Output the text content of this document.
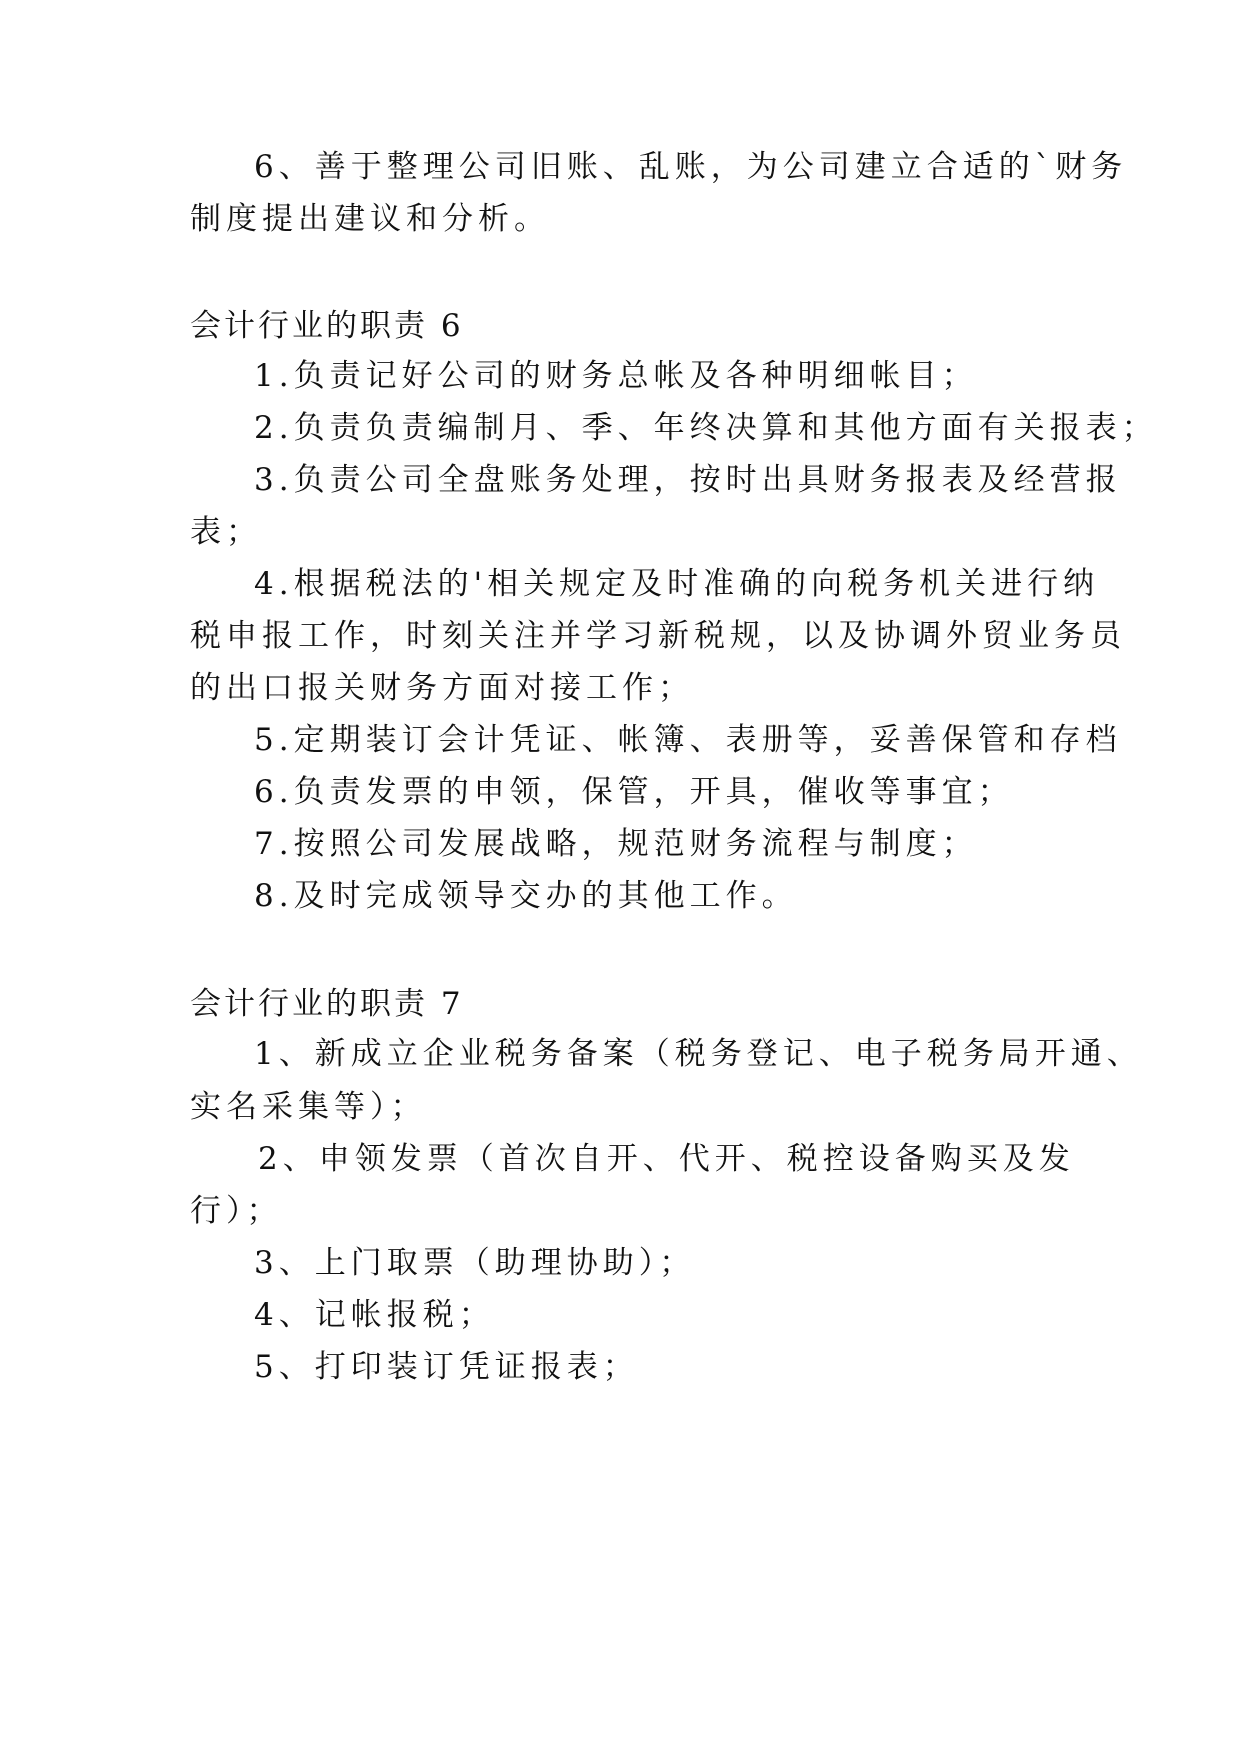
6、善于整理公司旧账、乱账，为公司建立合适的`财务
制度提出建议和分析。
会计行业的职责 6
1.负责记好公司的财务总帐及各种明细帐目；
2.负责负责编制月、季、年终决算和其他方面有关报表；
3.负责公司全盘账务处理，按时出具财务报表及经营报
表；
4.根据税法的'相关规定及时准确的向税务机关进行纳
税申报工作，时刻关注并学习新税规，以及协调外贸业务员
的出口报关财务方面对接工作；
5.定期装订会计凭证、帐簿、表册等，妥善保管和存档
6.负责发票的申领，保管，开具，催收等事宜；
7.按照公司发展战略，规范财务流程与制度；
8.及时完成领导交办的其他工作。
会计行业的职责 7
1、新成立企业税务备案（税务登记、电子税务局开通、
实名采集等）；
2、申领发票（首次自开、代开、税控设备购买及发
行）；
3、上门取票（助理协助）；
4、记帐报税；
5、打印装订凭证报表；
